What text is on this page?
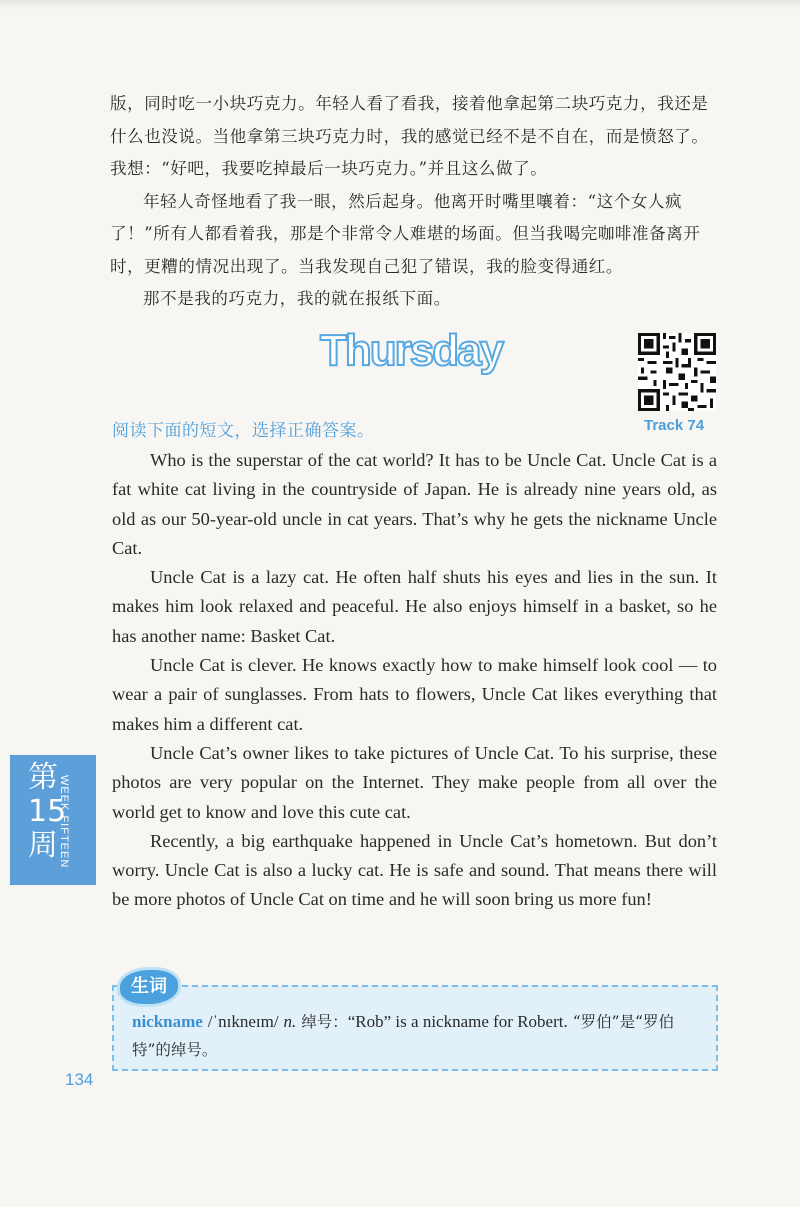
版，同时吃一小块巧克力。年轻人看了看我，接着他拿起第二块巧克力，我还是什么也没说。当他拿第三块巧克力时，我的感觉已经不是不自在，而是愤怒了。我想：“好吧，我要吃掉最后一块巧克力。”并且这么做了。

年轻人奇怪地看了我一眼，然后起身。他离开时嘴里嚷着：“这个女人疯了！”所有人都看着我，那是个非常令人难堪的场面。但当我喝完咖啡准备离开时，更糟的情况出现了。当我发现自己犯了错误，我的脸变得通红。

那不是我的巧克力，我的就在报纸下面。

Thursday
Track 74
阅读下面的短文，选择正确答案。

Who is the superstar of the cat world? It has to be Uncle Cat. Uncle Cat is a fat white cat living in the countryside of Japan. He is already nine years old, as old as our 50-year-old uncle in cat years. That’s why he gets the nickname Uncle Cat.

Uncle Cat is a lazy cat. He often half shuts his eyes and lies in the sun. It makes him look relaxed and peaceful. He also enjoys himself in a basket, so he has another name: Basket Cat.

Uncle Cat is clever. He knows exactly how to make himself look cool — to wear a pair of sunglasses. From hats to flowers, Uncle Cat likes everything that makes him a different cat.

Uncle Cat’s owner likes to take pictures of Uncle Cat. To his surprise, these photos are very popular on the Internet. They make people from all over the world get to know and love this cute cat.

Recently, a big earthquake happened in Uncle Cat’s hometown. But don’t worry. Uncle Cat is also a lucky cat. He is safe and sound. That means there will be more photos of Uncle Cat on time and he will soon bring us more fun!

第15周 WEEK FIFTEEN
生词
nickname /ˈnɪkneɪm/ n. 绰号：“Rob” is a nickname for Robert. “罗伯”是“罗伯特”的绰号。
134
